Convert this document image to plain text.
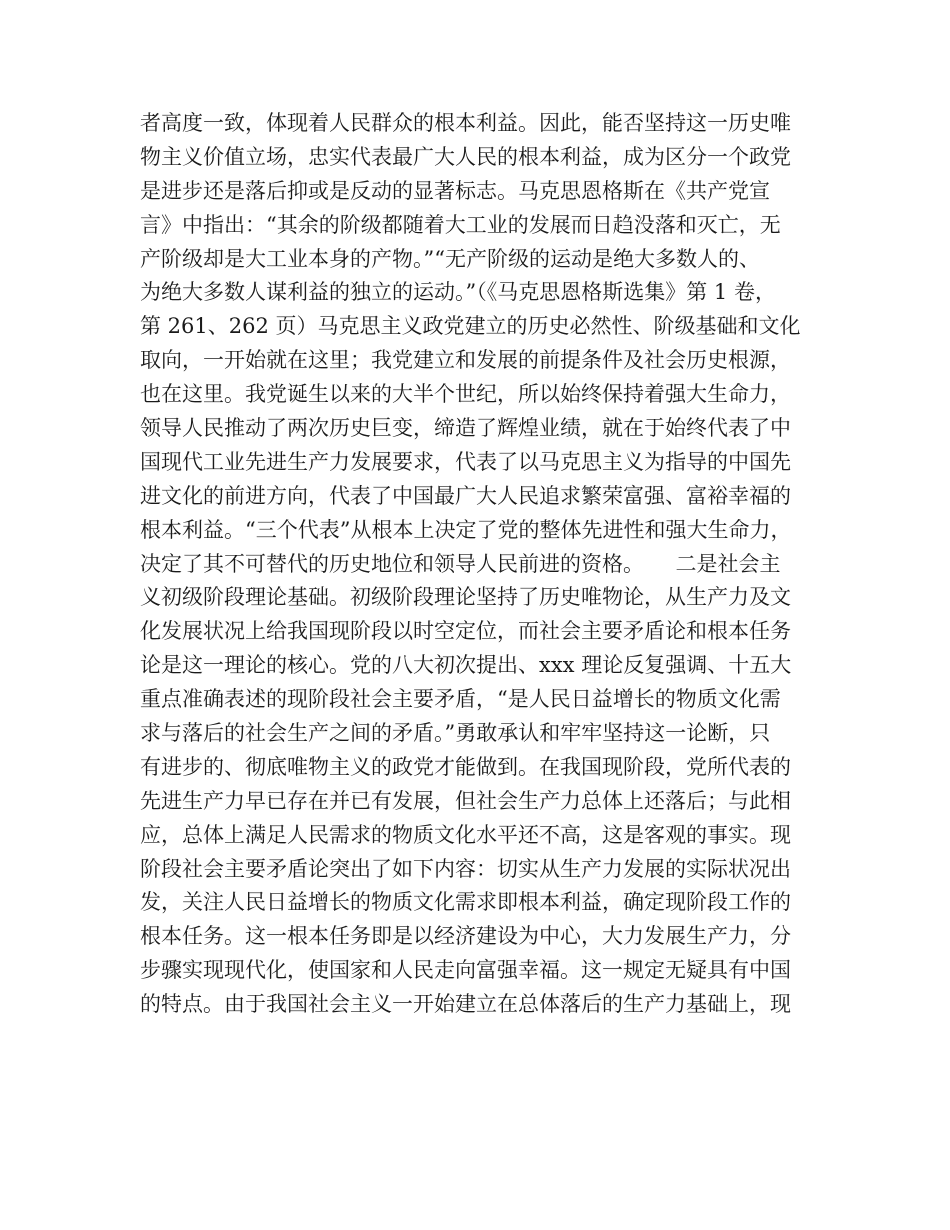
者高度一致，体现着人民群众的根本利益。因此，能否坚持这一历史唯
物主义价值立场，忠实代表最广大人民的根本利益，成为区分一个政党
是进步还是落后抑或是反动的显著标志。马克思恩格斯在《共产党宣
言》中指出：“其余的阶级都随着大工业的发展而日趋没落和灭亡，无
产阶级却是大工业本身的产物。”“无产阶级的运动是绝大多数人的、
为绝大多数人谋利益的独立的运动。”（《马克思恩格斯选集》第 1 卷，
第 261、262 页）马克思主义政党建立的历史必然性、阶级基础和文化
取向，一开始就在这里；我党建立和发展的前提条件及社会历史根源，
也在这里。我党诞生以来的大半个世纪，所以始终保持着强大生命力，
领导人民推动了两次历史巨变，缔造了辉煌业绩，就在于始终代表了中
国现代工业先进生产力发展要求，代表了以马克思主义为指导的中国先
进文化的前进方向，代表了中国最广大人民追求繁荣富强、富裕幸福的
根本利益。“三个代表”从根本上决定了党的整体先进性和强大生命力，
决定了其不可替代的历史地位和领导人民前进的资格。　　二是社会主
义初级阶段理论基础。初级阶段理论坚持了历史唯物论，从生产力及文
化发展状况上给我国现阶段以时空定位，而社会主要矛盾论和根本任务
论是这一理论的核心。党的八大初次提出、xxx 理论反复强调、十五大
重点准确表述的现阶段社会主要矛盾，“是人民日益增长的物质文化需
求与落后的社会生产之间的矛盾。”勇敢承认和牢牢坚持这一论断，只
有进步的、彻底唯物主义的政党才能做到。在我国现阶段，党所代表的
先进生产力早已存在并已有发展，但社会生产力总体上还落后；与此相
应，总体上满足人民需求的物质文化水平还不高，这是客观的事实。现
阶段社会主要矛盾论突出了如下内容：切实从生产力发展的实际状况出
发，关注人民日益增长的物质文化需求即根本利益，确定现阶段工作的
根本任务。这一根本任务即是以经济建设为中心，大力发展生产力，分
步骤实现现代化，使国家和人民走向富强幸福。这一规定无疑具有中国
的特点。由于我国社会主义一开始建立在总体落后的生产力基础上，现
